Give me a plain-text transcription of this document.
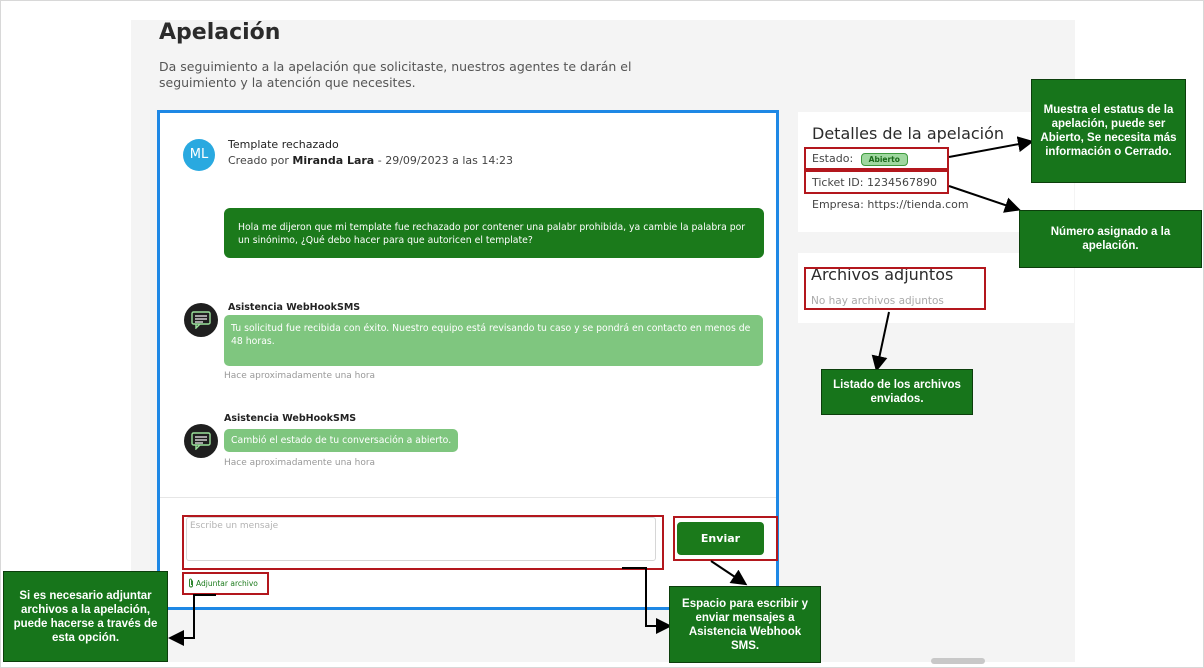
Apelación

Da seguimiento a la apelación que solicitaste, nuestros agentes te darán el seguimiento y la atención que necesites.

ML
Template rechazado
Creado por Miranda Lara - 29/09/2023 a las 14:23
Hola me dijeron que mi template fue rechazado por contener una palabr prohibida, ya cambie la palabra por un sinónimo, ¿Qué debo hacer para que autoricen el template?
Asistencia WebHookSMS
Tu solicitud fue recibida con éxito. Nuestro equipo está revisando tu caso y se pondrá en contacto en menos de 48 horas.
Hace aproximadamente una hora
Asistencia WebHookSMS
Cambió el estado de tu conversación a abierto.
Hace aproximadamente una hora
Escribe un mensaje
Enviar
Adjuntar archivo
Detalles de la apelación
Estado: Abierto
Ticket ID: 1234567890
Empresa: https://tienda.com
Archivos adjuntos
No hay archivos adjuntos
Muestra el estatus de la apelación, puede ser Abierto, Se necesita más información o Cerrado.
Número asignado a la apelación.
Listado de los archivos enviados.
Si es necesario adjuntar archivos a la apelación, puede hacerse a través de esta opción.
Espacio para escribir y enviar mensajes a Asistencia Webhook SMS.
